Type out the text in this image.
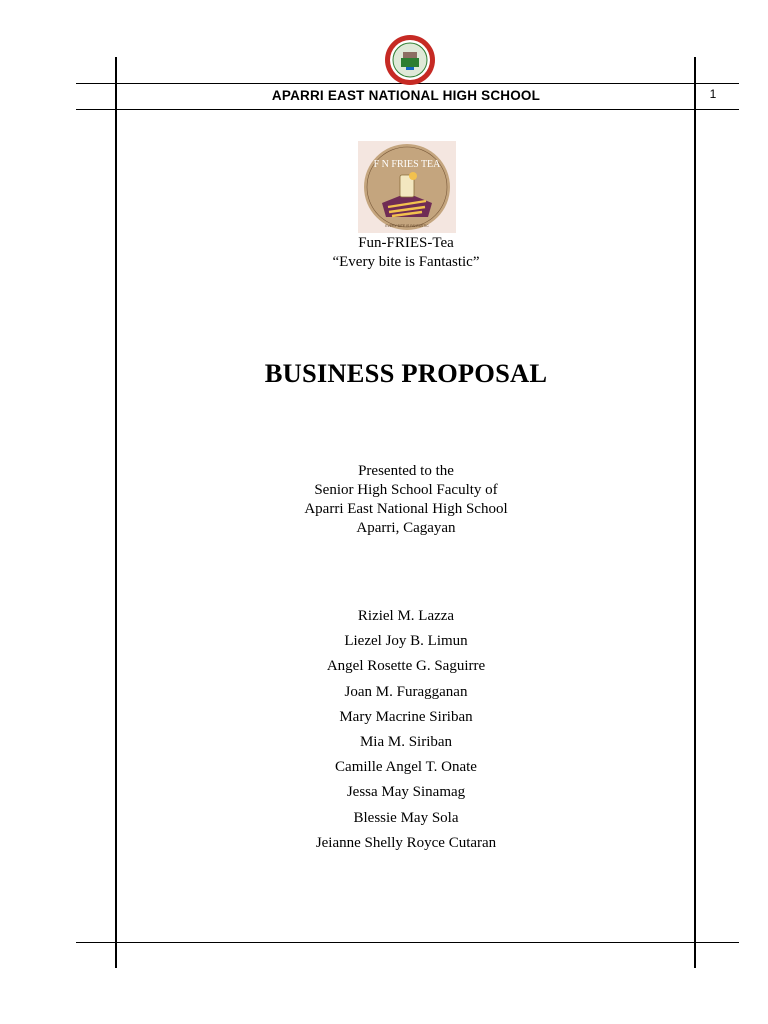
APARRI EAST NATIONAL HIGH SCHOOL	1
F N FRIES TEA
EVERY BITE IS FANTASTIC
Fun-FRIES-Tea
“Every bite is Fantastic”
BUSINESS PROPOSAL
Presented to the
Senior High School Faculty of
Aparri East National High School
Aparri, Cagayan
Riziel M. Lazza
Liezel Joy B. Limun
Angel Rosette G. Saguirre
Joan M. Furagganan
Mary Macrine Siriban
Mia M. Siriban
Camille Angel T. Onate
Jessa May Sinamag
Blessie May Sola
Jeianne Shelly Royce Cutaran
